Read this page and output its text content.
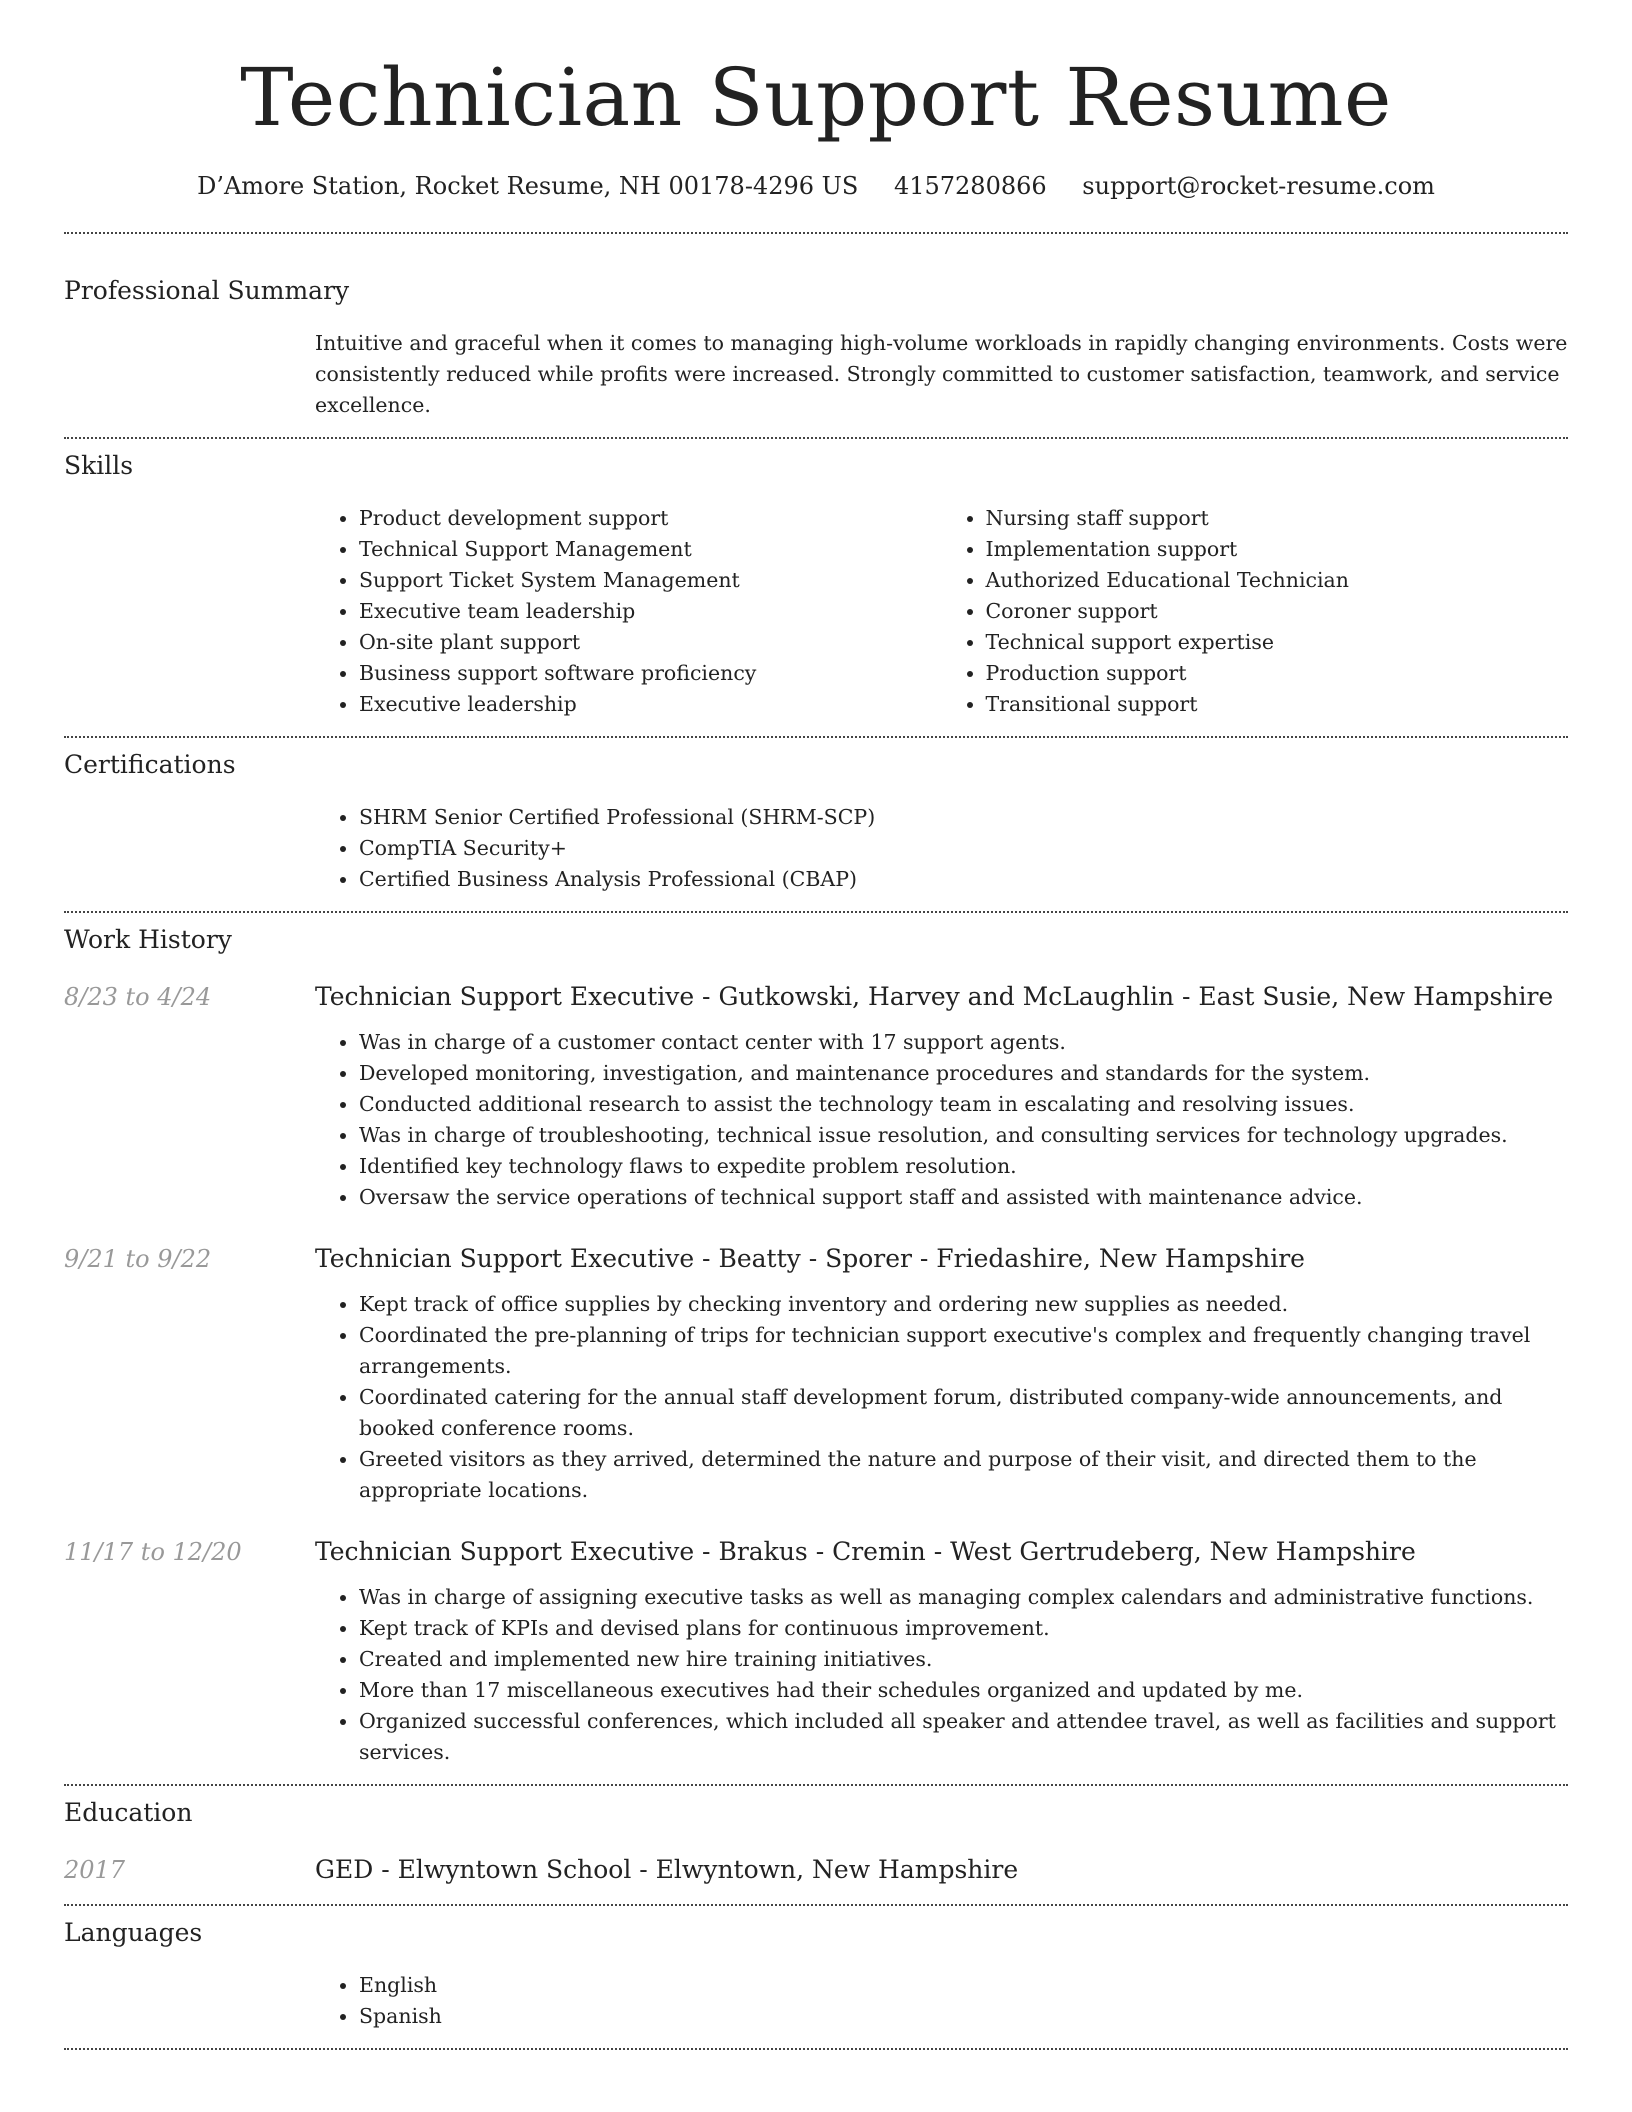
Technician Support Resume
D’Amore Station, Rocket Resume, NH 00178-4296 US 4157280866 support@rocket-resume.com
Professional Summary
Intuitive and graceful when it comes to managing high-volume workloads in rapidly changing environments. Costs were consistently reduced while profits were increased. Strongly committed to customer satisfaction, teamwork, and service excellence.
Skills
• Product development support
• Technical Support Management
• Support Ticket System Management
• Executive team leadership
• On-site plant support
• Business support software proficiency
• Executive leadership
• Nursing staff support
• Implementation support
• Authorized Educational Technician
• Coroner support
• Technical support expertise
• Production support
• Transitional support
Certifications
• SHRM Senior Certified Professional (SHRM-SCP)
• CompTIA Security+
• Certified Business Analysis Professional (CBAP)
Work History
8/23 to 4/24	Technician Support Executive - Gutkowski, Harvey and McLaughlin - East Susie, New Hampshire
• Was in charge of a customer contact center with 17 support agents.
• Developed monitoring, investigation, and maintenance procedures and standards for the system.
• Conducted additional research to assist the technology team in escalating and resolving issues.
• Was in charge of troubleshooting, technical issue resolution, and consulting services for technology upgrades.
• Identified key technology flaws to expedite problem resolution.
• Oversaw the service operations of technical support staff and assisted with maintenance advice.
9/21 to 9/22	Technician Support Executive - Beatty - Sporer - Friedashire, New Hampshire
• Kept track of office supplies by checking inventory and ordering new supplies as needed.
• Coordinated the pre-planning of trips for technician support executive's complex and frequently changing travel arrangements.
• Coordinated catering for the annual staff development forum, distributed company-wide announcements, and booked conference rooms.
• Greeted visitors as they arrived, determined the nature and purpose of their visit, and directed them to the appropriate locations.
11/17 to 12/20	Technician Support Executive - Brakus - Cremin - West Gertrudeberg, New Hampshire
• Was in charge of assigning executive tasks as well as managing complex calendars and administrative functions.
• Kept track of KPIs and devised plans for continuous improvement.
• Created and implemented new hire training initiatives.
• More than 17 miscellaneous executives had their schedules organized and updated by me.
• Organized successful conferences, which included all speaker and attendee travel, as well as facilities and support services.
Education
2017	GED - Elwyntown School - Elwyntown, New Hampshire
Languages
• English
• Spanish
